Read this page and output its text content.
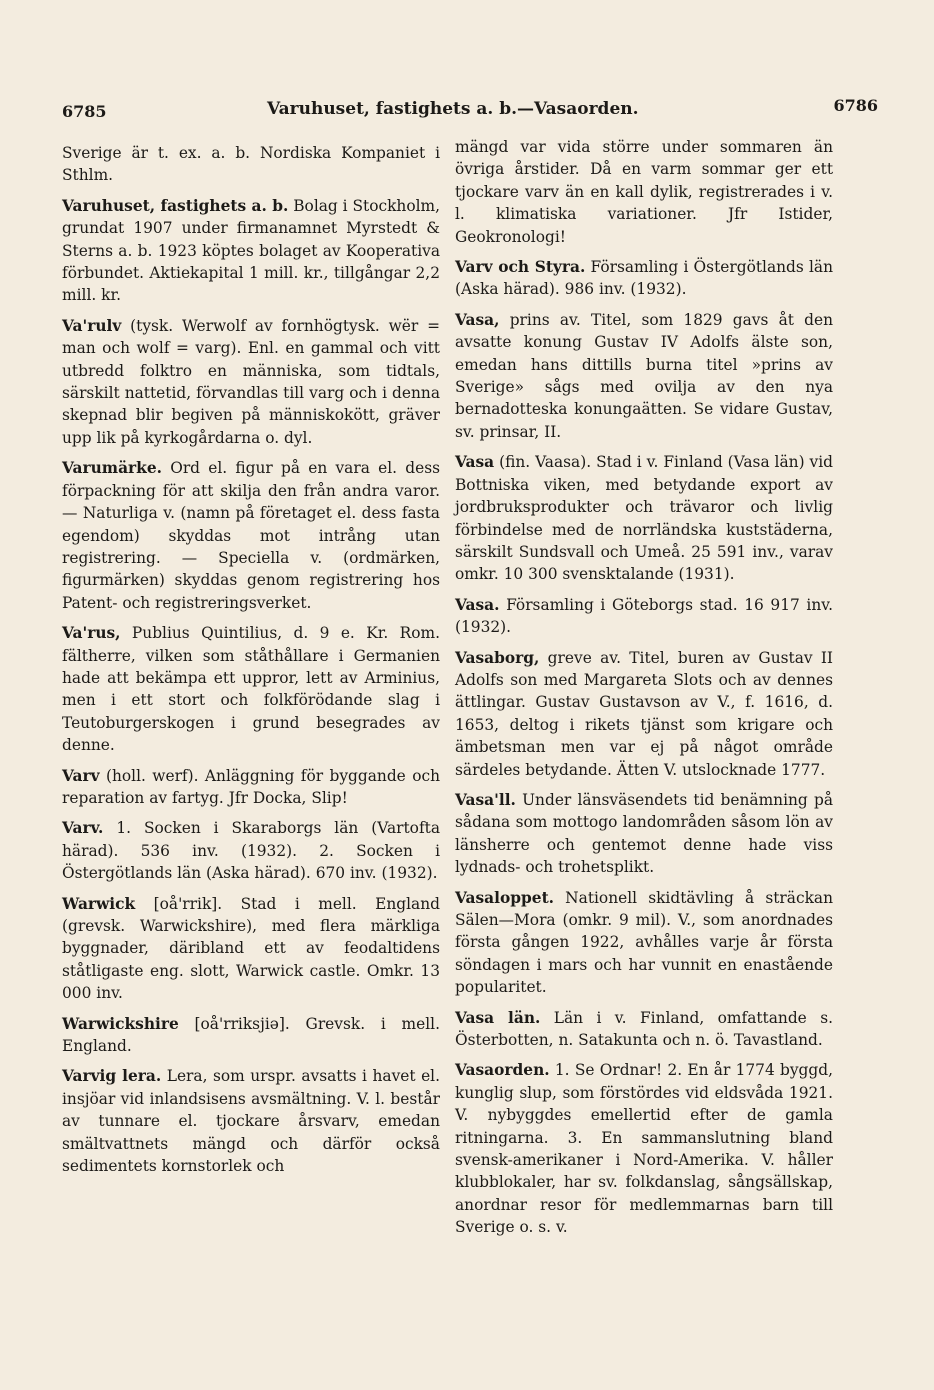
6785	Varuhuset, fastighets a. b.—Vasaorden.	6786

Sverige är t. ex. a. b. Nordiska Kompaniet i Sthlm.

Varuhuset, fastighets a. b. Bolag i Stockholm, grundat 1907 under firmanamnet Myrstedt & Sterns a. b. 1923 köptes bolaget av Kooperativa förbundet. Aktiekapital 1 mill. kr., tillgångar 2,2 mill. kr.

Va'rulv (tysk. Werwolf av fornhögtysk. wër = man och wolf = varg). Enl. en gammal och vitt utbredd folktro en människa, som tidtals, särskilt nattetid, förvandlas till varg och i denna skepnad blir begiven på människokött, gräver upp lik på kyrkogårdarna o. dyl.

Varumärke. Ord el. figur på en vara el. dess förpackning för att skilja den från andra varor. — Naturliga v. (namn på företaget el. dess fasta egendom) skyddas mot intrång utan registrering. — Speciella v. (ordmärken, figurmärken) skyddas genom registrering hos Patent- och registreringsverket.

Va'rus, Publius Quintilius, d. 9 e. Kr. Rom. fältherre, vilken som ståthållare i Germanien hade att bekämpa ett uppror, lett av Arminius, men i ett stort och folkförödande slag i Teutoburgerskogen i grund besegrades av denne.

Varv (holl. werf). Anläggning för byggande och reparation av fartyg. Jfr Docka, Slip!

Varv. 1. Socken i Skaraborgs län (Vartofta härad). 536 inv. (1932). 2. Socken i Östergötlands län (Aska härad). 670 inv. (1932).

Warwick [oå'rrik]. Stad i mell. England (grevsk. Warwickshire), med flera märkliga byggnader, däribland ett av feodaltidens ståtligaste eng. slott, Warwick castle. Omkr. 13 000 inv.

Warwickshire [oå'rriksjiə]. Grevsk. i mell. England.

Varvig lera. Lera, som urspr. avsatts i havet el. insjöar vid inlandsisens avsmältning. V. l. består av tunnare el. tjockare årsvarv, emedan smältvattnets mängd och därför också sedimentets kornstorlek och

mängd var vida större under sommaren än övriga årstider. Då en varm sommar ger ett tjockare varv än en kall dylik, registrerades i v. l. klimatiska variationer. Jfr Istider, Geokronologi!

Varv och Styra. Församling i Östergötlands län (Aska härad). 986 inv. (1932).

Vasa, prins av. Titel, som 1829 gavs åt den avsatte konung Gustav IV Adolfs älste son, emedan hans dittills burna titel »prins av Sverige» sågs med ovilja av den nya bernadotteska konungaätten. Se vidare Gustav, sv. prinsar, II.

Vasa (fin. Vaasa). Stad i v. Finland (Vasa län) vid Bottniska viken, med betydande export av jordbruksprodukter och trävaror och livlig förbindelse med de norrländska kuststäderna, särskilt Sundsvall och Umeå. 25 591 inv., varav omkr. 10 300 svensktalande (1931).

Vasa. Församling i Göteborgs stad. 16 917 inv. (1932).

Vasaborg, greve av. Titel, buren av Gustav II Adolfs son med Margareta Slots och av dennes ättlingar. Gustav Gustavson av V., f. 1616, d. 1653, deltog i rikets tjänst som krigare och ämbetsman men var ej på något område särdeles betydande. Ätten V. utslocknade 1777.

Vasa'll. Under länsväsendets tid benämning på sådana som mottogo landområden såsom lön av länsherre och gentemot denne hade viss lydnads- och trohetsplikt.

Vasaloppet. Nationell skidtävling å sträckan Sälen—Mora (omkr. 9 mil). V., som anordnades första gången 1922, avhålles varje år första söndagen i mars och har vunnit en enastående popularitet.

Vasa län. Län i v. Finland, omfattande s. Österbotten, n. Satakunta och n. ö. Tavastland.

Vasaorden. 1. Se Ordnar! 2. En år 1774 byggd, kunglig slup, som förstördes vid eldsvåda 1921. V. nybyggdes emellertid efter de gamla ritningarna. 3. En sammanslutning bland svensk-amerikaner i Nord-Amerika. V. håller klubblokaler, har sv. folkdanslag, sångsällskap, anordnar resor för medlemmarnas barn till Sverige o. s. v.
